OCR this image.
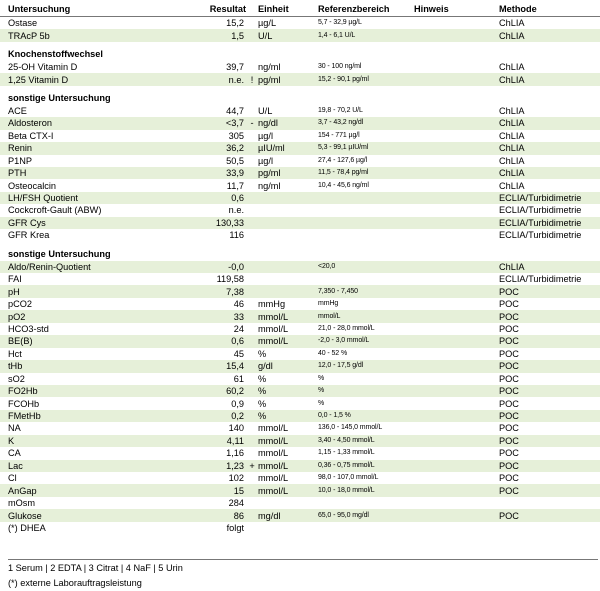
	Untersuchung	Resultat		Einheit	Referenzbereich	Hinweis	Methode
	Ostase	15,2		µg/L	5,7 - 32,9 µg/L		ChLIA
	TRAcP 5b	1,5		U/L	1,4 - 6,1 U/L		ChLIA
	Knochenstoffwechsel						
	25-OH Vitamin D	39,7		ng/ml	30 - 100 ng/ml		ChLIA
	1,25 Vitamin D	n.e.	!	pg/ml	15,2 - 90,1 pg/ml		ChLIA
	sonstige Untersuchung						
	ACE	44,7		U/L	19,8 - 70,2 U/L		ChLIA
	Aldosteron	<3,7	-	ng/dl	3,7 - 43,2 ng/dl		ChLIA
	Beta CTX-I	305		µg/l	154 - 771 µg/l		ChLIA
	Renin	36,2		µIU/ml	5,3 - 99,1 µIU/ml		ChLIA
	P1NP	50,5		µg/l	27,4 - 127,6 µg/l		ChLIA
	PTH	33,9		pg/ml	11,5 - 78,4 pg/ml		ChLIA
	Osteocalcin	11,7		ng/ml	10,4 - 45,6 ng/ml		ChLIA
	LH/FSH Quotient	0,6					ECLIA/Turbidimetrie
	Cockcroft-Gault (ABW)	n.e.					ECLIA/Turbidimetrie
	GFR Cys	130,33					ECLIA/Turbidimetrie
	GFR Krea	116					ECLIA/Turbidimetrie
	sonstige Untersuchung						
	Aldo/Renin-Quotient	-0,0			<20,0		ChLIA
	FAI	119,58					ECLIA/Turbidimetrie
	pH	7,38			7,350 - 7,450		POC
	pCO2	46		mmHg	mmHg		POC
	pO2	33		mmol/L	mmol/L		POC
	HCO3-std	24		mmol/L	21,0 - 28,0 mmol/L		POC
	BE(B)	0,6		mmol/L	-2,0 - 3,0 mmol/L		POC
	Hct	45		%	40 - 52 %		POC
	tHb	15,4		g/dl	12,0 - 17,5 g/dl		POC
	sO2	61		%	%		POC
	FO2Hb	60,2		%	%		POC
	FCOHb	0,9		%	%		POC
	FMetHb	0,2		%	0,0 - 1,5 %		POC
	NA	140		mmol/L	136,0 - 145,0 mmol/L		POC
	K	4,11		mmol/L	3,40 - 4,50 mmol/L		POC
	CA	1,16		mmol/L	1,15 - 1,33 mmol/L		POC
	Lac	1,23	+	mmol/L	0,36 - 0,75 mmol/L		POC
	Cl	102		mmol/L	98,0 - 107,0 mmol/L		POC
	AnGap	15		mmol/L	10,0 - 18,0 mmol/L		POC
	mOsm	284					
	Glukose	86		mg/dl	65,0 - 95,0 mg/dl		POC
	(*) DHEA	folgt					
1 Serum | 2 EDTA | 3 Citrat | 4 NaF | 5 Urin
(*) externe Laborauftragsleistung
